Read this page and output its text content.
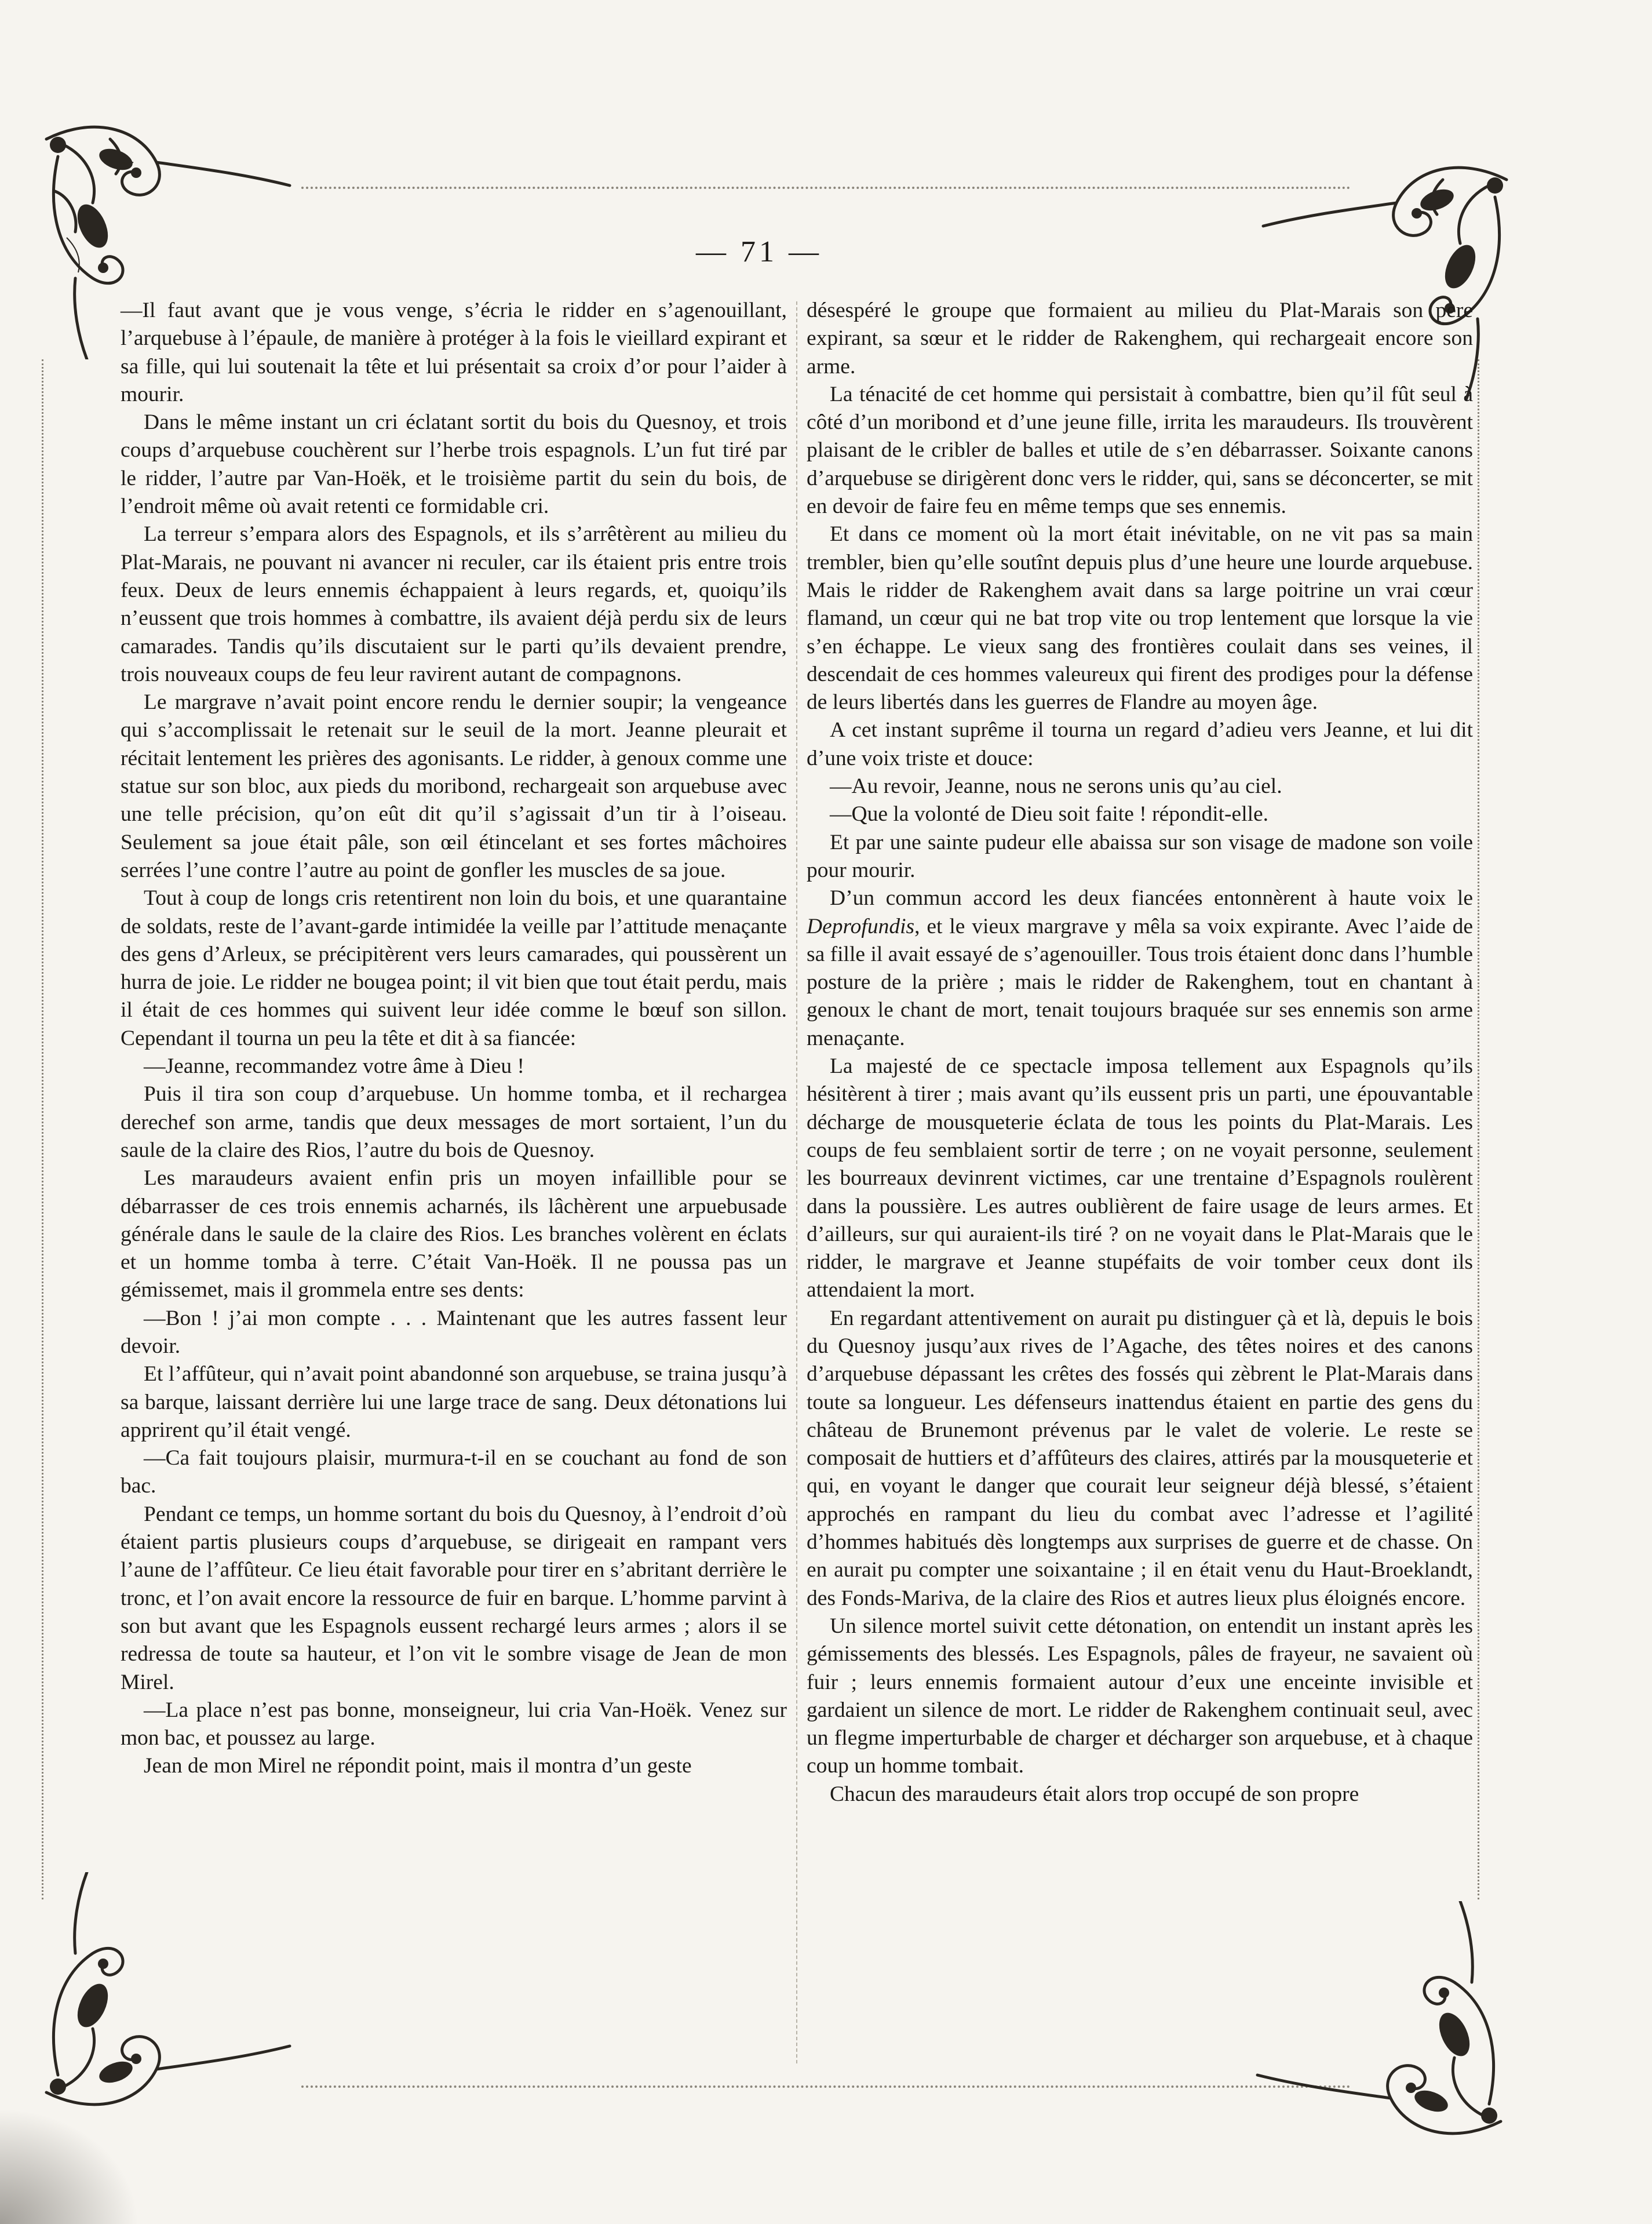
— 71 —

—Il faut avant que je vous venge, s’écria le ridder en s’agenouillant, l’arquebuse à l’épaule, de manière à protéger à la fois le vieillard expirant et sa fille, qui lui soutenait la tête et lui présentait sa croix d’or pour l’aider à mourir.

Dans le même instant un cri éclatant sortit du bois du Quesnoy, et trois coups d’arquebuse couchèrent sur l’herbe trois espagnols. L’un fut tiré par le ridder, l’autre par Van-Hoëk, et le troisième partit du sein du bois, de l’endroit même où avait retenti ce formidable cri.

La terreur s’empara alors des Espagnols, et ils s’arrêtèrent au milieu du Plat-Marais, ne pouvant ni avancer ni reculer, car ils étaient pris entre trois feux. Deux de leurs ennemis échappaient à leurs regards, et, quoiqu’ils n’eussent que trois hommes à combattre, ils avaient déjà perdu six de leurs camarades. Tandis qu’ils discutaient sur le parti qu’ils devaient prendre, trois nouveaux coups de feu leur ravirent autant de compagnons.

Le margrave n’avait point encore rendu le dernier soupir; la vengeance qui s’accomplissait le retenait sur le seuil de la mort. Jeanne pleurait et récitait lentement les prières des agonisants. Le ridder, à genoux comme une statue sur son bloc, aux pieds du moribond, rechargeait son arquebuse avec une telle précision, qu’on eût dit qu’il s’agissait d’un tir à l’oiseau. Seulement sa joue était pâle, son œil étincelant et ses fortes mâchoires serrées l’une contre l’autre au point de gonfler les muscles de sa joue.

Tout à coup de longs cris retentirent non loin du bois, et une quarantaine de soldats, reste de l’avant-garde intimidée la veille par l’attitude menaçante des gens d’Arleux, se précipitèrent vers leurs camarades, qui poussèrent un hurra de joie. Le ridder ne bougea point; il vit bien que tout était perdu, mais il était de ces hommes qui suivent leur idée comme le bœuf son sillon. Cependant il tourna un peu la tête et dit à sa fiancée:

—Jeanne, recommandez votre âme à Dieu !

Puis il tira son coup d’arquebuse. Un homme tomba, et il rechargea derechef son arme, tandis que deux messages de mort sortaient, l’un du saule de la claire des Rios, l’autre du bois de Quesnoy.

Les maraudeurs avaient enfin pris un moyen infaillible pour se débarrasser de ces trois ennemis acharnés, ils lâchèrent une arpuebusade générale dans le saule de la claire des Rios. Les branches volèrent en éclats et un homme tomba à terre. C’était Van-Hoëk. Il ne poussa pas un gémissemet, mais il grommela entre ses dents:

—Bon ! j’ai mon compte . . . Maintenant que les autres fassent leur devoir.

Et l’affûteur, qui n’avait point abandonné son arquebuse, se traina jusqu’à sa barque, laissant derrière lui une large trace de sang. Deux détonations lui apprirent qu’il était vengé.

—Ca fait toujours plaisir, murmura-t-il en se couchant au fond de son bac.

Pendant ce temps, un homme sortant du bois du Quesnoy, à l’endroit d’où étaient partis plusieurs coups d’arquebuse, se dirigeait en rampant vers l’aune de l’affûteur. Ce lieu était favorable pour tirer en s’abritant derrière le tronc, et l’on avait encore la ressource de fuir en barque. L’homme parvint à son but avant que les Espagnols eussent rechargé leurs armes ; alors il se redressa de toute sa hauteur, et l’on vit le sombre visage de Jean de mon Mirel.

—La place n’est pas bonne, monseigneur, lui cria Van-Hoëk. Venez sur mon bac, et poussez au large.

Jean de mon Mirel ne répondit point, mais il montra d’un geste

désespéré le groupe que formaient au milieu du Plat-Marais son père expirant, sa sœur et le ridder de Rakenghem, qui rechargeait encore son arme.

La ténacité de cet homme qui persistait à combattre, bien qu’il fût seul à côté d’un moribond et d’une jeune fille, irrita les maraudeurs. Ils trouvèrent plaisant de le cribler de balles et utile de s’en débarrasser. Soixante canons d’arquebuse se dirigèrent donc vers le ridder, qui, sans se déconcerter, se mit en devoir de faire feu en même temps que ses ennemis.

Et dans ce moment où la mort était inévitable, on ne vit pas sa main trembler, bien qu’elle soutînt depuis plus d’une heure une lourde arquebuse. Mais le ridder de Rakenghem avait dans sa large poitrine un vrai cœur flamand, un cœur qui ne bat trop vite ou trop lentement que lorsque la vie s’en échappe. Le vieux sang des frontières coulait dans ses veines, il descendait de ces hommes valeureux qui firent des prodiges pour la défense de leurs libertés dans les guerres de Flandre au moyen âge.

A cet instant suprême il tourna un regard d’adieu vers Jeanne, et lui dit d’une voix triste et douce:

—Au revoir, Jeanne, nous ne serons unis qu’au ciel.

—Que la volonté de Dieu soit faite ! répondit-elle.

Et par une sainte pudeur elle abaissa sur son visage de madone son voile pour mourir.

D’un commun accord les deux fiancées entonnèrent à haute voix le Deprofundis, et le vieux margrave y mêla sa voix expirante. Avec l’aide de sa fille il avait essayé de s’agenouiller. Tous trois étaient donc dans l’humble posture de la prière ; mais le ridder de Rakenghem, tout en chantant à genoux le chant de mort, tenait toujours braquée sur ses ennemis son arme menaçante.

La majesté de ce spectacle imposa tellement aux Espagnols qu’ils hésitèrent à tirer ; mais avant qu’ils eussent pris un parti, une épouvantable décharge de mousqueterie éclata de tous les points du Plat-Marais. Les coups de feu semblaient sortir de terre ; on ne voyait personne, seulement les bourreaux devinrent victimes, car une trentaine d’Espagnols roulèrent dans la poussière. Les autres oublièrent de faire usage de leurs armes. Et d’ailleurs, sur qui auraient-ils tiré ? on ne voyait dans le Plat-Marais que le ridder, le margrave et Jeanne stupéfaits de voir tomber ceux dont ils attendaient la mort.

En regardant attentivement on aurait pu distinguer çà et là, depuis le bois du Quesnoy jusqu’aux rives de l’Agache, des têtes noires et des canons d’arquebuse dépassant les crêtes des fossés qui zèbrent le Plat-Marais dans toute sa longueur. Les défenseurs inattendus étaient en partie des gens du château de Brunemont prévenus par le valet de volerie. Le reste se composait de huttiers et d’affûteurs des claires, attirés par la mousqueterie et qui, en voyant le danger que courait leur seigneur déjà blessé, s’étaient approchés en rampant du lieu du combat avec l’adresse et l’agilité d’hommes habitués dès longtemps aux surprises de guerre et de chasse. On en aurait pu compter une soixantaine ; il en était venu du Haut-Broeklandt, des Fonds-Mariva, de la claire des Rios et autres lieux plus éloignés encore.

Un silence mortel suivit cette détonation, on entendit un instant après les gémissements des blessés. Les Espagnols, pâles de frayeur, ne savaient où fuir ; leurs ennemis formaient autour d’eux une enceinte invisible et gardaient un silence de mort. Le ridder de Rakenghem continuait seul, avec un flegme imperturbable de charger et décharger son arquebuse, et à chaque coup un homme tombait.

Chacun des maraudeurs était alors trop occupé de son propre
